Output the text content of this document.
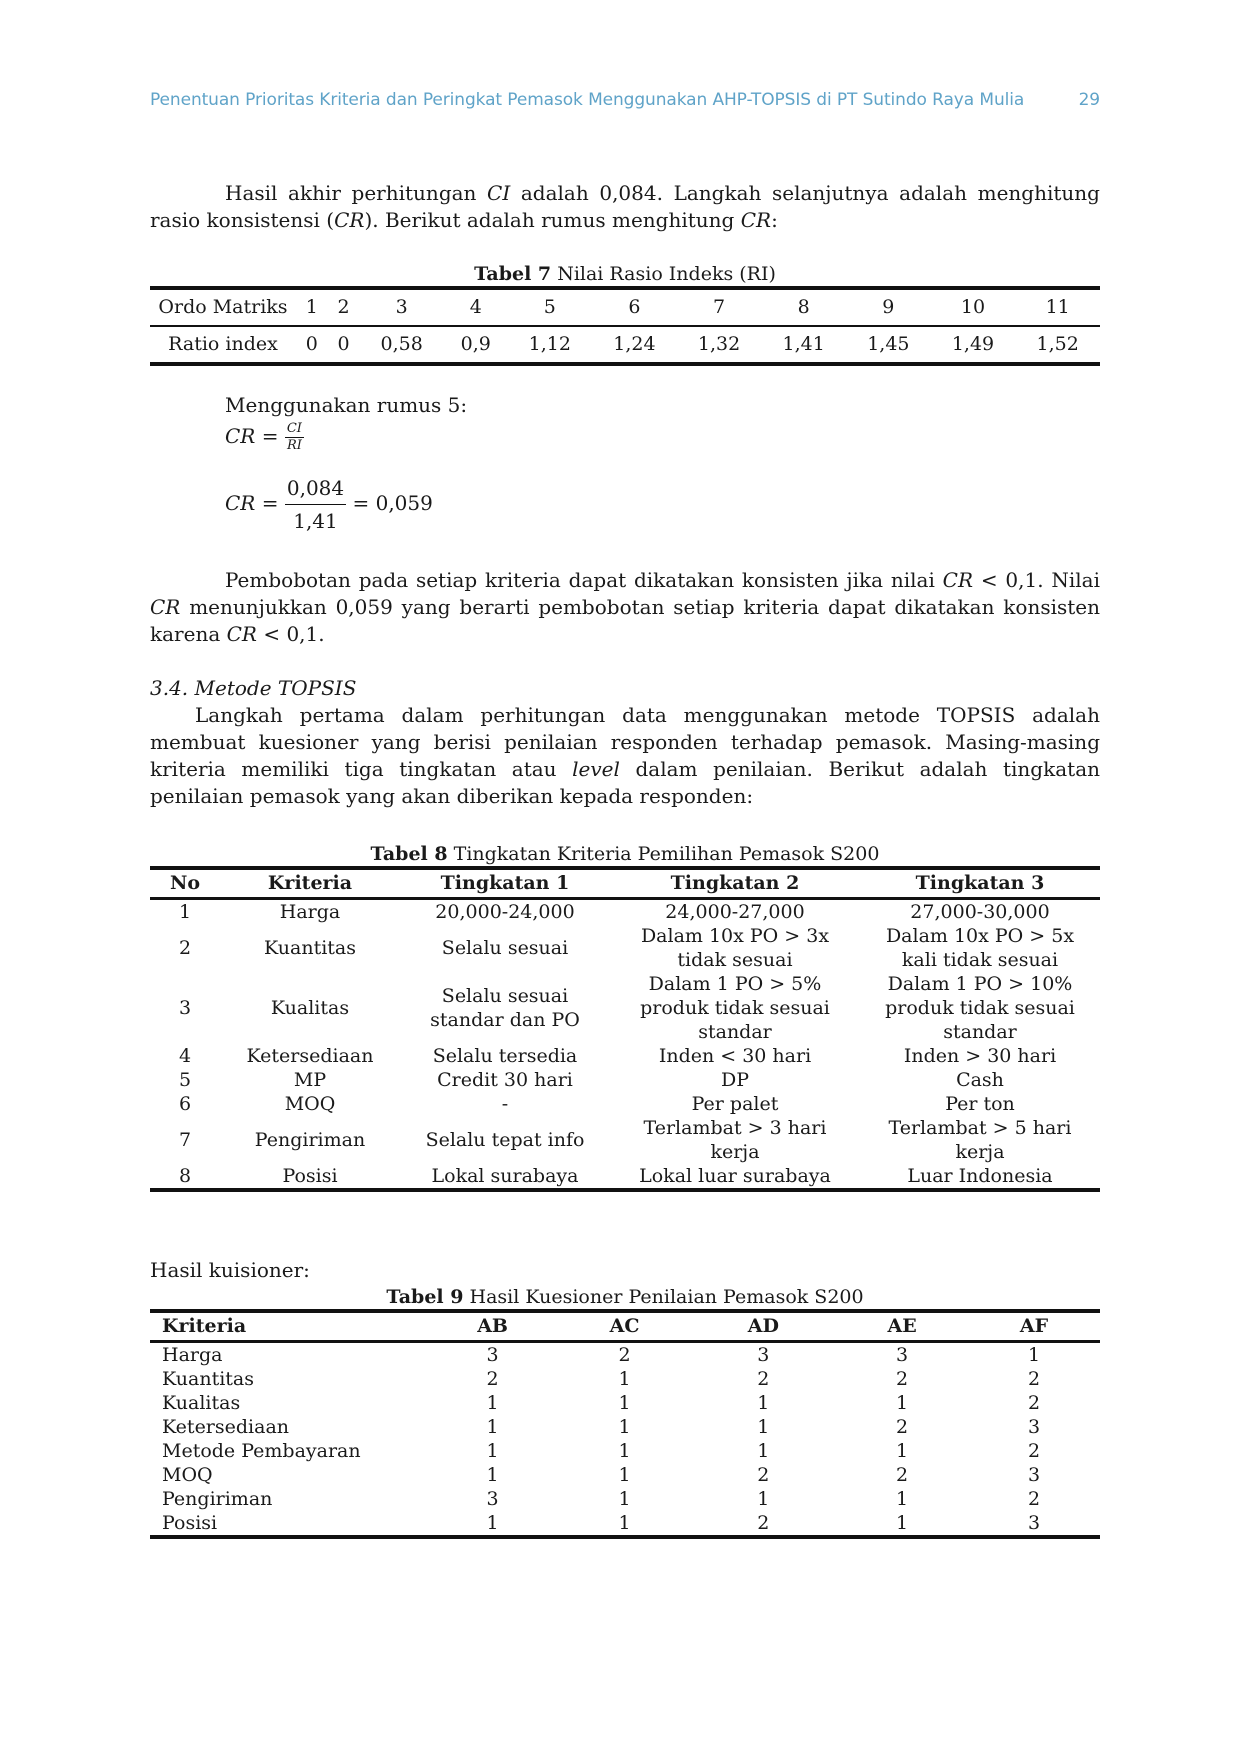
Penentuan Prioritas Kriteria dan Peringkat Pemasok Menggunakan AHP-TOPSIS di PT Sutindo Raya Mulia	29

Hasil akhir perhitungan CI adalah 0,084. Langkah selanjutnya adalah menghitung rasio konsistensi (CR). Berikut adalah rumus menghitung CR:

Tabel 7 Nilai Rasio Indeks (RI)
Ordo Matriks	1	2	3	4	5	6	7	8	9	10	11
Ratio index	0	0	0,58	0,9	1,12	1,24	1,32	1,41	1,45	1,49	1,52
Menggunakan rumus 5:
CR = $\frac{CI}{RI}$
CR = $\frac{0,084}{1,41} = 0,059$

Pembobotan pada setiap kriteria dapat dikatakan konsisten jika nilai CR < 0,1. Nilai CR menunjukkan 0,059 yang berarti pembobotan setiap kriteria dapat dikatakan konsisten karena CR < 0,1.

3.4. Metode TOPSIS

Langkah pertama dalam perhitungan data menggunakan metode TOPSIS adalah membuat kuesioner yang berisi penilaian responden terhadap pemasok. Masing-masing kriteria memiliki tiga tingkatan atau level dalam penilaian. Berikut adalah tingkatan penilaian pemasok yang akan diberikan kepada responden:

Tabel 8 Tingkatan Kriteria Pemilihan Pemasok S200
No	Kriteria	Tingkatan 1	Tingkatan 2	Tingkatan 3
1	Harga	20,000-24,000	24,000-27,000	27,000-30,000
2	Kuantitas	Selalu sesuai	Dalam 10x PO > 3x tidak sesuai	Dalam 10x PO > 5x kali tidak sesuai
3	Kualitas	Selalu sesuai standar dan PO	Dalam 1 PO > 5% produk tidak sesuai standar	Dalam 1 PO > 10% produk tidak sesuai standar
4	Ketersediaan	Selalu tersedia	Inden < 30 hari	Inden > 30 hari
5	MP	Credit 30 hari	DP	Cash
6	MOQ	-	Per palet	Per ton
7	Pengiriman	Selalu tepat info	Terlambat > 3 hari kerja	Terlambat > 5 hari kerja
8	Posisi	Lokal surabaya	Lokal luar surabaya	Luar Indonesia
Hasil kuisioner:
Tabel 9 Hasil Kuesioner Penilaian Pemasok S200
Kriteria	AB	AC	AD	AE	AF
Harga	3	2	3	3	1
Kuantitas	2	1	2	2	2
Kualitas	1	1	1	1	2
Ketersediaan	1	1	1	2	3
Metode Pembayaran	1	1	1	1	2
MOQ	1	1	2	2	3
Pengiriman	3	1	1	1	2
Posisi	1	1	2	1	3
